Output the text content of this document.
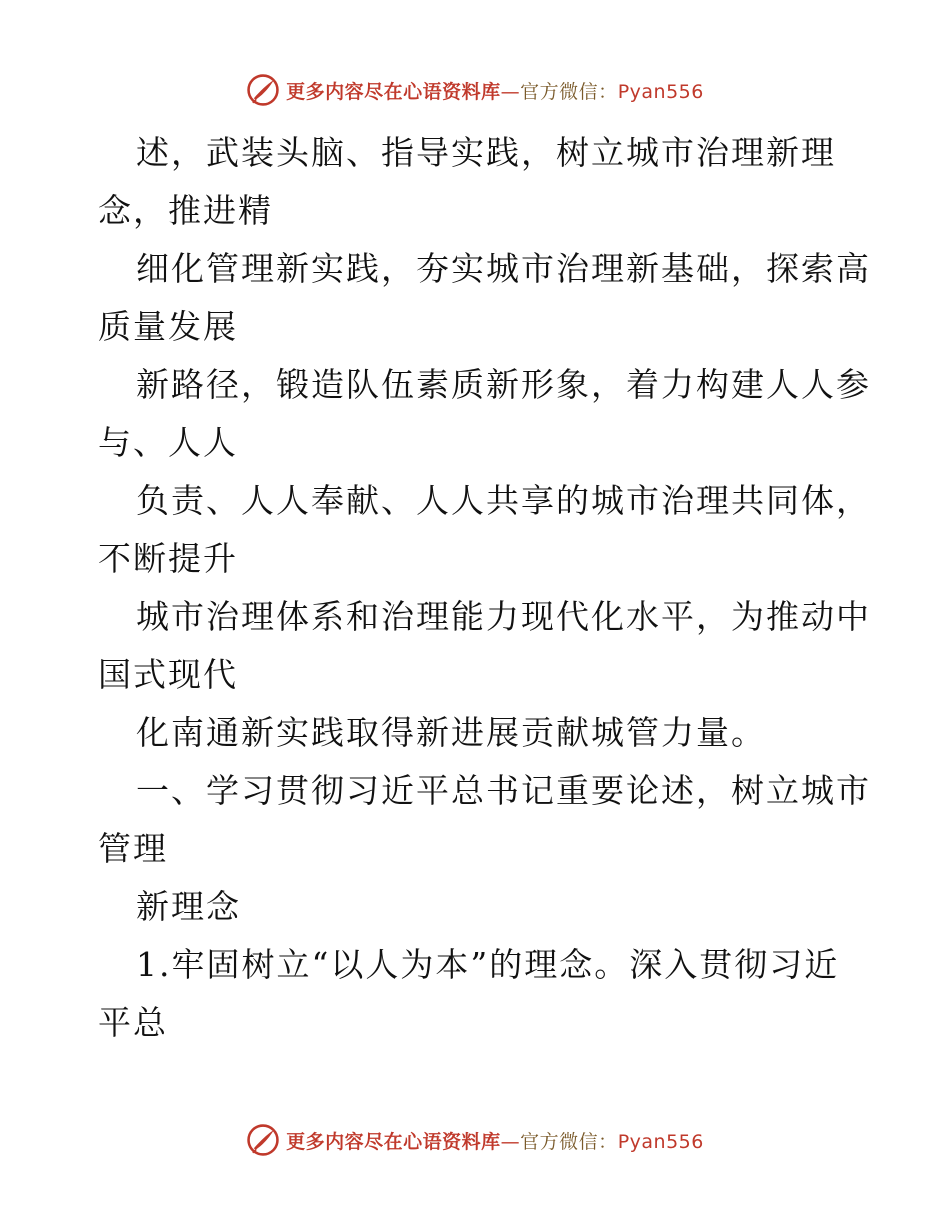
更多内容尽在心语资料库—官方微信：Pyan556
述，武装头脑、指导实践，树立城市治理新理
念，推进精
细化管理新实践，夯实城市治理新基础，探索高
质量发展
新路径，锻造队伍素质新形象，着力构建人人参
与、人人
负责、人人奉献、人人共享的城市治理共同体，
不断提升
城市治理体系和治理能力现代化水平，为推动中
国式现代
化南通新实践取得新进展贡献城管力量。
一、学习贯彻习近平总书记重要论述，树立城市
管理
新理念
1.牢固树立“以人为本”的理念。深入贯彻习近
平总
更多内容尽在心语资料库—官方微信：Pyan556
